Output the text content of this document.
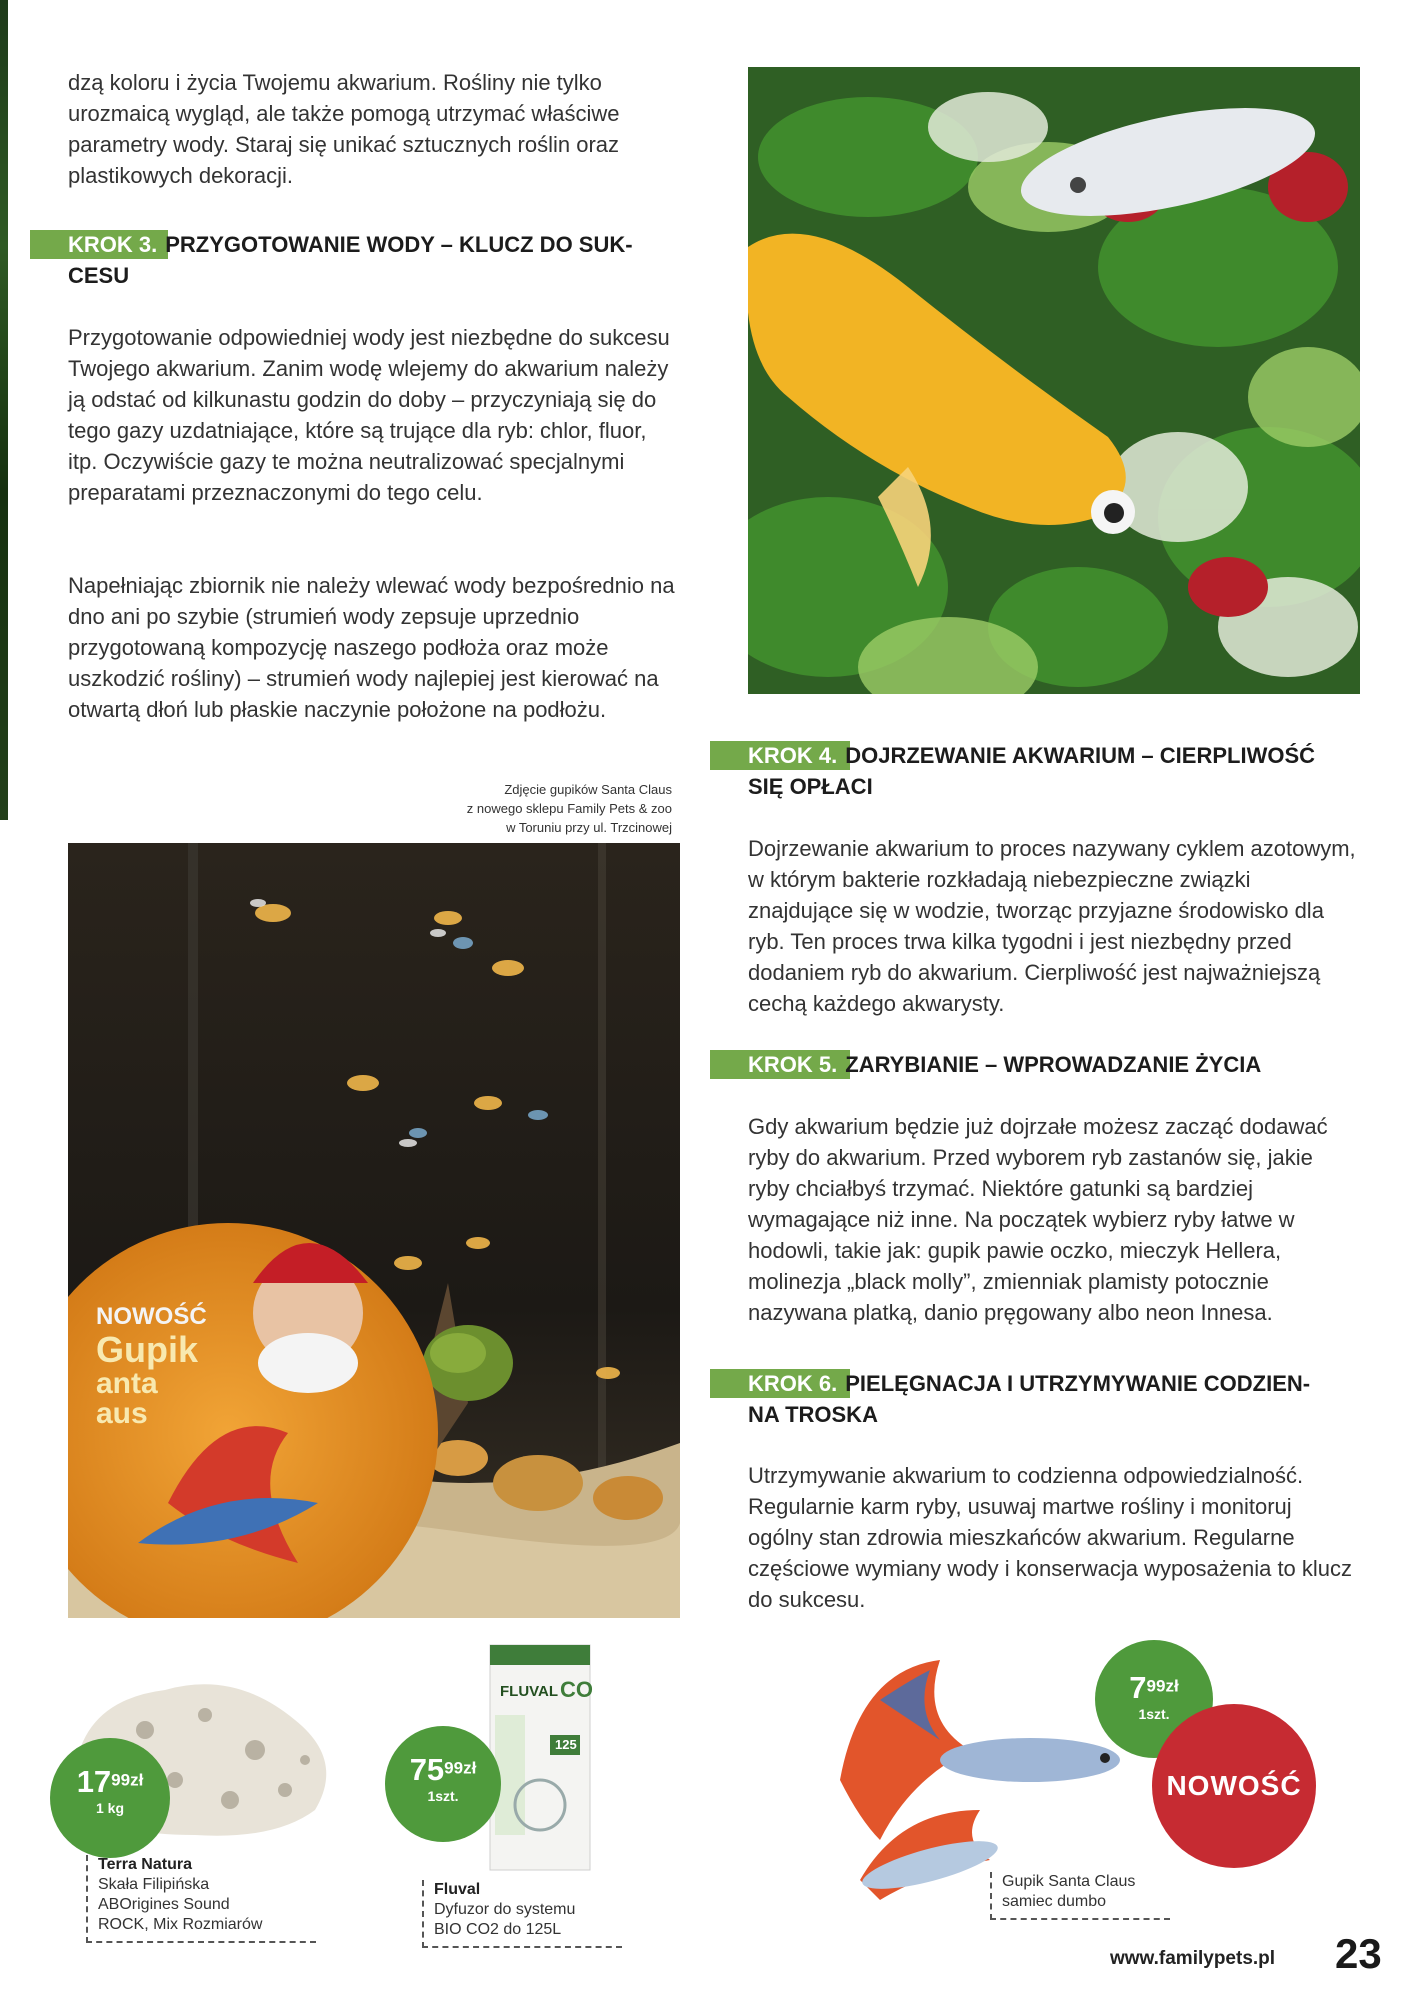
dzą koloru i życia Twojemu akwarium. Rośliny nie tylko urozmaicą wygląd, ale także pomogą utrzymać właściwe parametry wody. Staraj się unikać sztucznych roślin oraz plastikowych dekoracji.

KROK 3. PRZYGOTOWANIE WODY – KLUCZ DO SUK-
CESU

Przygotowanie odpowiedniej wody jest niezbędne do sukcesu Twojego akwarium. Zanim wodę wlejemy do akwarium należy ją odstać od kilkunastu godzin do doby – przyczyniają się do tego gazy uzdatniające, które są trujące dla ryb: chlor, fluor, itp. Oczywiście gazy te można neutralizować specjalnymi preparatami przeznaczonymi do tego celu.

Napełniając zbiornik nie należy wlewać wody bezpośrednio na dno ani po szybie (strumień wody zepsuje uprzednio przygotowaną kompozycję naszego podłoża oraz może uszkodzić rośliny) – strumień wody najlepiej jest kierować na otwartą dłoń lub płaskie naczynie położone na podłożu.

Zdjęcie gupików Santa Claus
z nowego sklepu Family Pets & zoo
w Toruniu przy ul. Trzcinowej
NOWOŚĆ
Gupik
anta
aus
KROK 4. DOJRZEWANIE AKWARIUM – CIERPLIWOŚĆ
SIĘ OPŁACI

Dojrzewanie akwarium to proces nazywany cyklem azotowym, w którym bakterie rozkładają niebezpieczne związki znajdujące się w wodzie, tworząc przyjazne środowisko dla ryb. Ten proces trwa kilka tygodni i jest niezbędny przed dodaniem ryb do akwarium. Cierpliwość jest najważniejszą cechą każdego akwarysty.

KROK 5. ZARYBIANIE – WPROWADZANIE ŻYCIA

Gdy akwarium będzie już dojrzałe możesz zacząć dodawać ryby do akwarium. Przed wyborem ryb zastanów się, jakie ryby chciałbyś trzymać. Niektóre gatunki są bardziej wymagające niż inne. Na początek wybierz ryby łatwe w hodowli, takie jak: gupik pawie oczko, mieczyk Hellera, molinezja „black molly”, zmienniak plamisty potocznie nazywana platką, danio pręgowany albo neon Innesa.

KROK 6. PIELĘGNACJA I UTRZYMYWANIE CODZIEN-
NA TROSKA

Utrzymywanie akwarium to codzienna odpowiedzialność. Regularnie karm ryby, usuwaj martwe rośliny i monitoruj ogólny stan zdrowia mieszkańców akwarium. Regularne częściowe wymiany wody i konserwacja wyposażenia to klucz do sukcesu.

1799zł
1 kg
Terra Natura
Skała Filipińska
ABOrigines Sound
ROCK, Mix Rozmiarów
FLUVAL CO
125
7599zł
1szt.
Fluval
Dyfuzor do systemu
BIO CO2 do 125L
799zł
1szt.
NOWOŚĆ
Gupik Santa Claus
samiec dumbo
www.familypets.pl 23
